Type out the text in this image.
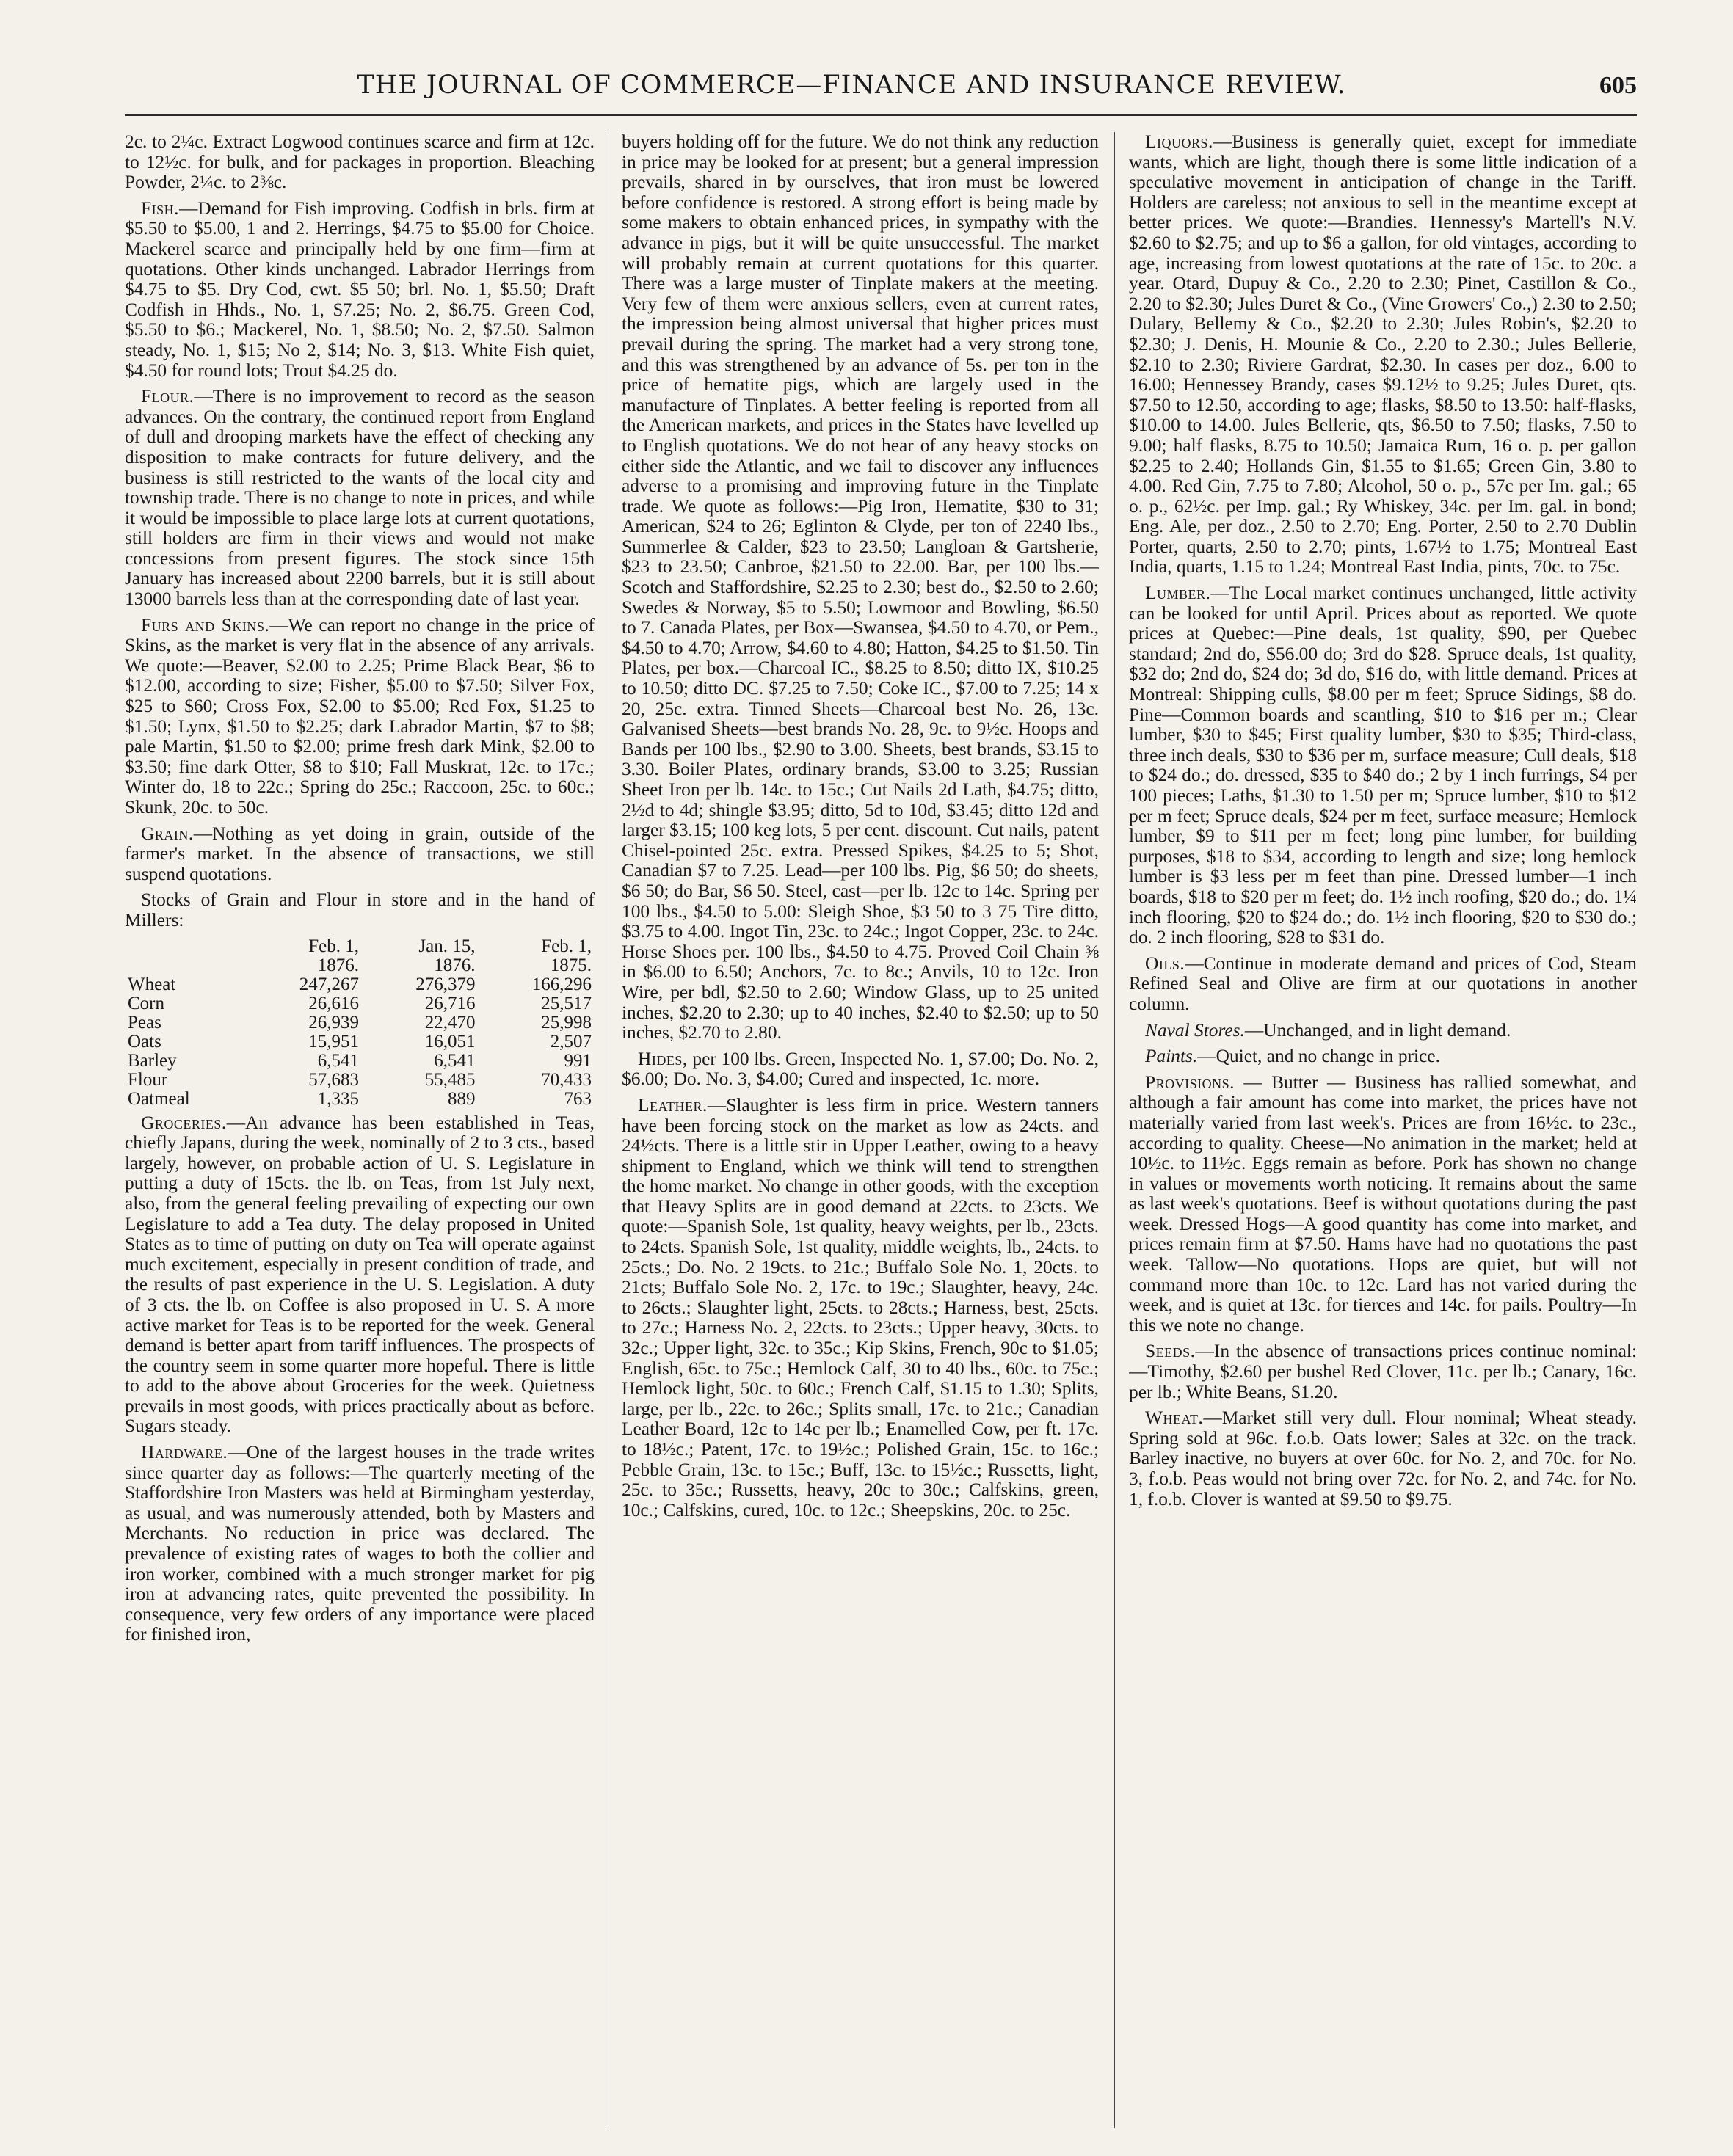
THE JOURNAL OF COMMERCE—FINANCE AND INSURANCE REVIEW.	605

2c. to 2¼c. Extract Logwood continues scarce and firm at 12c. to 12½c. for bulk, and for packages in proportion. Bleaching Powder, 2¼c. to 2⅜c.

Fish.—Demand for Fish improving. Codfish in brls. firm at $5.50 to $5.00, 1 and 2. Herrings, $4.75 to $5.00 for Choice. Mackerel scarce and principally held by one firm—firm at quotations. Other kinds unchanged. Labrador Herrings from $4.75 to $5. Dry Cod, cwt. $5 50; brl. No. 1, $5.50; Draft Codfish in Hhds., No. 1, $7.25; No. 2, $6.75. Green Cod, $5.50 to $6.; Mackerel, No. 1, $8.50; No. 2, $7.50. Salmon steady, No. 1, $15; No 2, $14; No. 3, $13. White Fish quiet, $4.50 for round lots; Trout $4.25 do.

Flour.—There is no improvement to record as the season advances. On the contrary, the continued report from England of dull and drooping markets have the effect of checking any disposition to make contracts for future delivery, and the business is still restricted to the wants of the local city and township trade. There is no change to note in prices, and while it would be impossible to place large lots at current quotations, still holders are firm in their views and would not make concessions from present figures. The stock since 15th January has increased about 2200 barrels, but it is still about 13000 barrels less than at the corresponding date of last year.

Furs and Skins.—We can report no change in the price of Skins, as the market is very flat in the absence of any arrivals. We quote:—Beaver, $2.00 to 2.25; Prime Black Bear, $6 to $12.00, according to size; Fisher, $5.00 to $7.50; Silver Fox, $25 to $60; Cross Fox, $2.00 to $5.00; Red Fox, $1.25 to $1.50; Lynx, $1.50 to $2.25; dark Labrador Martin, $7 to $8; pale Martin, $1.50 to $2.00; prime fresh dark Mink, $2.00 to $3.50; fine dark Otter, $8 to $10; Fall Muskrat, 12c. to 17c.; Winter do, 18 to 22c.; Spring do 25c.; Raccoon, 25c. to 60c.; Skunk, 20c. to 50c.

Grain.—Nothing as yet doing in grain, outside of the farmer's market. In the absence of transactions, we still suspend quotations.

Stocks of Grain and Flour in store and in the hand of Millers:

	Feb. 1,	Jan. 15,	Feb. 1,
	1876.	1876.	1875.
Wheat	247,267	276,379	166,296
Corn	26,616	26,716	25,517
Peas	26,939	22,470	25,998
Oats	15,951	16,051	2,507
Barley	6,541	6,541	991
Flour	57,683	55,485	70,433
Oatmeal	1,335	889	763

Groceries.—An advance has been established in Teas, chiefly Japans, during the week, nominally of 2 to 3 cts., based largely, however, on probable action of U. S. Legislature in putting a duty of 15cts. the lb. on Teas, from 1st July next, also, from the general feeling prevailing of expecting our own Legislature to add a Tea duty. The delay proposed in United States as to time of putting on duty on Tea will operate against much excitement, especially in present condition of trade, and the results of past experience in the U. S. Legislation. A duty of 3 cts. the lb. on Coffee is also proposed in U. S. A more active market for Teas is to be reported for the week. General demand is better apart from tariff influences. The prospects of the country seem in some quarter more hopeful. There is little to add to the above about Groceries for the week. Quietness prevails in most goods, with prices practically about as before. Sugars steady.

Hardware.—One of the largest houses in the trade writes since quarter day as follows:—The quarterly meeting of the Staffordshire Iron Masters was held at Birmingham yesterday, as usual, and was numerously attended, both by Masters and Merchants. No reduction in price was declared. The prevalence of existing rates of wages to both the collier and iron worker, combined with a much stronger market for pig iron at advancing rates, quite prevented the possibility. In consequence, very few orders of any importance were placed for finished iron,

buyers holding off for the future. We do not think any reduction in price may be looked for at present; but a general impression prevails, shared in by ourselves, that iron must be lowered before confidence is restored. A strong effort is being made by some makers to obtain enhanced prices, in sympathy with the advance in pigs, but it will be quite unsuccessful. The market will probably remain at current quotations for this quarter. There was a large muster of Tinplate makers at the meeting. Very few of them were anxious sellers, even at current rates, the impression being almost universal that higher prices must prevail during the spring. The market had a very strong tone, and this was strengthened by an advance of 5s. per ton in the price of hematite pigs, which are largely used in the manufacture of Tinplates. A better feeling is reported from all the American markets, and prices in the States have levelled up to English quotations. We do not hear of any heavy stocks on either side the Atlantic, and we fail to discover any influences adverse to a promising and improving future in the Tinplate trade. We quote as follows:—Pig Iron, Hematite, $30 to 31; American, $24 to 26; Eglinton & Clyde, per ton of 2240 lbs., Summerlee & Calder, $23 to 23.50; Langloan & Gartsherie, $23 to 23.50; Canbroe, $21.50 to 22.00. Bar, per 100 lbs.—Scotch and Staffordshire, $2.25 to 2.30; best do., $2.50 to 2.60; Swedes & Norway, $5 to 5.50; Lowmoor and Bowling, $6.50 to 7. Canada Plates, per Box—Swansea, $4.50 to 4.70, or Pem., $4.50 to 4.70; Arrow, $4.60 to 4.80; Hatton, $4.25 to $1.50. Tin Plates, per box.—Charcoal IC., $8.25 to 8.50; ditto IX, $10.25 to 10.50; ditto DC. $7.25 to 7.50; Coke IC., $7.00 to 7.25; 14 x 20, 25c. extra. Tinned Sheets—Charcoal best No. 26, 13c. Galvanised Sheets—best brands No. 28, 9c. to 9½c. Hoops and Bands per 100 lbs., $2.90 to 3.00. Sheets, best brands, $3.15 to 3.30. Boiler Plates, ordinary brands, $3.00 to 3.25; Russian Sheet Iron per lb. 14c. to 15c.; Cut Nails 2d Lath, $4.75; ditto, 2½d to 4d; shingle $3.95; ditto, 5d to 10d, $3.45; ditto 12d and larger $3.15; 100 keg lots, 5 per cent. discount. Cut nails, patent Chisel-pointed 25c. extra. Pressed Spikes, $4.25 to 5; Shot, Canadian $7 to 7.25. Lead—per 100 lbs. Pig, $6 50; do sheets, $6 50; do Bar, $6 50. Steel, cast—per lb. 12c to 14c. Spring per 100 lbs., $4.50 to 5.00: Sleigh Shoe, $3 50 to 3 75 Tire ditto, $3.75 to 4.00. Ingot Tin, 23c. to 24c.; Ingot Copper, 23c. to 24c. Horse Shoes per. 100 lbs., $4.50 to 4.75. Proved Coil Chain ⅜ in $6.00 to 6.50; Anchors, 7c. to 8c.; Anvils, 10 to 12c. Iron Wire, per bdl, $2.50 to 2.60; Window Glass, up to 25 united inches, $2.20 to 2.30; up to 40 inches, $2.40 to $2.50; up to 50 inches, $2.70 to 2.80.

Hides, per 100 lbs. Green, Inspected No. 1, $7.00; Do. No. 2, $6.00; Do. No. 3, $4.00; Cured and inspected, 1c. more.

Leather.—Slaughter is less firm in price. Western tanners have been forcing stock on the market as low as 24cts. and 24½cts. There is a little stir in Upper Leather, owing to a heavy shipment to England, which we think will tend to strengthen the home market. No change in other goods, with the exception that Heavy Splits are in good demand at 22cts. to 23cts. We quote:—Spanish Sole, 1st quality, heavy weights, per lb., 23cts. to 24cts. Spanish Sole, 1st quality, middle weights, lb., 24cts. to 25cts.; Do. No. 2 19cts. to 21c.; Buffalo Sole No. 1, 20cts. to 21cts; Buffalo Sole No. 2, 17c. to 19c.; Slaughter, heavy, 24c. to 26cts.; Slaughter light, 25cts. to 28cts.; Harness, best, 25cts. to 27c.; Harness No. 2, 22cts. to 23cts.; Upper heavy, 30cts. to 32c.; Upper light, 32c. to 35c.; Kip Skins, French, 90c to $1.05; English, 65c. to 75c.; Hemlock Calf, 30 to 40 lbs., 60c. to 75c.; Hemlock light, 50c. to 60c.; French Calf, $1.15 to 1.30; Splits, large, per lb., 22c. to 26c.; Splits small, 17c. to 21c.; Canadian Leather Board, 12c to 14c per lb.; Enamelled Cow, per ft. 17c. to 18½c.; Patent, 17c. to 19½c.; Polished Grain, 15c. to 16c.; Pebble Grain, 13c. to 15c.; Buff, 13c. to 15½c.; Russetts, light, 25c. to 35c.; Russetts, heavy, 20c to 30c.; Calfskins, green, 10c.; Calfskins, cured, 10c. to 12c.; Sheepskins, 20c. to 25c.

Liquors.—Business is generally quiet, except for immediate wants, which are light, though there is some little indication of a speculative movement in anticipation of change in the Tariff. Holders are careless; not anxious to sell in the meantime except at better prices. We quote:—Brandies. Hennessy's Martell's N.V. $2.60 to $2.75; and up to $6 a gallon, for old vintages, according to age, increasing from lowest quotations at the rate of 15c. to 20c. a year. Otard, Dupuy & Co., 2.20 to 2.30; Pinet, Castillon & Co., 2.20 to $2.30; Jules Duret & Co., (Vine Growers' Co.,) 2.30 to 2.50; Dulary, Bellemy & Co., $2.20 to 2.30; Jules Robin's, $2.20 to $2.30; J. Denis, H. Mounie & Co., 2.20 to 2.30.; Jules Bellerie, $2.10 to 2.30; Riviere Gardrat, $2.30. In cases per doz., 6.00 to 16.00; Hennessey Brandy, cases $9.12½ to 9.25; Jules Duret, qts. $7.50 to 12.50, according to age; flasks, $8.50 to 13.50: half-flasks, $10.00 to 14.00. Jules Bellerie, qts, $6.50 to 7.50; flasks, 7.50 to 9.00; half flasks, 8.75 to 10.50; Jamaica Rum, 16 o. p. per gallon $2.25 to 2.40; Hollands Gin, $1.55 to $1.65; Green Gin, 3.80 to 4.00. Red Gin, 7.75 to 7.80; Alcohol, 50 o. p., 57c per Im. gal.; 65 o. p., 62½c. per Imp. gal.; Ry Whiskey, 34c. per Im. gal. in bond; Eng. Ale, per doz., 2.50 to 2.70; Eng. Porter, 2.50 to 2.70 Dublin Porter, quarts, 2.50 to 2.70; pints, 1.67½ to 1.75; Montreal East India, quarts, 1.15 to 1.24; Montreal East India, pints, 70c. to 75c.

Lumber.—The Local market continues unchanged, little activity can be looked for until April. Prices about as reported. We quote prices at Quebec:—Pine deals, 1st quality, $90, per Quebec standard; 2nd do, $56.00 do; 3rd do $28. Spruce deals, 1st quality, $32 do; 2nd do, $24 do; 3d do, $16 do, with little demand. Prices at Montreal: Shipping culls, $8.00 per m feet; Spruce Sidings, $8 do. Pine—Common boards and scantling, $10 to $16 per m.; Clear lumber, $30 to $45; First quality lumber, $30 to $35; Third-class, three inch deals, $30 to $36 per m, surface measure; Cull deals, $18 to $24 do.; do. dressed, $35 to $40 do.; 2 by 1 inch furrings, $4 per 100 pieces; Laths, $1.30 to 1.50 per m; Spruce lumber, $10 to $12 per m feet; Spruce deals, $24 per m feet, surface measure; Hemlock lumber, $9 to $11 per m feet; long pine lumber, for building purposes, $18 to $34, according to length and size; long hemlock lumber is $3 less per m feet than pine. Dressed lumber—1 inch boards, $18 to $20 per m feet; do. 1½ inch roofing, $20 do.; do. 1¼ inch flooring, $20 to $24 do.; do. 1½ inch flooring, $20 to $30 do.; do. 2 inch flooring, $28 to $31 do.

Oils.—Continue in moderate demand and prices of Cod, Steam Refined Seal and Olive are firm at our quotations in another column.

Naval Stores.—Unchanged, and in light demand.

Paints.—Quiet, and no change in price.

Provisions. — Butter — Business has rallied somewhat, and although a fair amount has come into market, the prices have not materially varied from last week's. Prices are from 16½c. to 23c., according to quality. Cheese—No animation in the market; held at 10½c. to 11½c. Eggs remain as before. Pork has shown no change in values or movements worth noticing. It remains about the same as last week's quotations. Beef is without quotations during the past week. Dressed Hogs—A good quantity has come into market, and prices remain firm at $7.50. Hams have had no quotations the past week. Tallow—No quotations. Hops are quiet, but will not command more than 10c. to 12c. Lard has not varied during the week, and is quiet at 13c. for tierces and 14c. for pails. Poultry—In this we note no change.

Seeds.—In the absence of transactions prices continue nominal:—Timothy, $2.60 per bushel Red Clover, 11c. per lb.; Canary, 16c. per lb.; White Beans, $1.20.

Wheat.—Market still very dull. Flour nominal; Wheat steady. Spring sold at 96c. f.o.b. Oats lower; Sales at 32c. on the track. Barley inactive, no buyers at over 60c. for No. 2, and 70c. for No. 3, f.o.b. Peas would not bring over 72c. for No. 2, and 74c. for No. 1, f.o.b. Clover is wanted at $9.50 to $9.75.
